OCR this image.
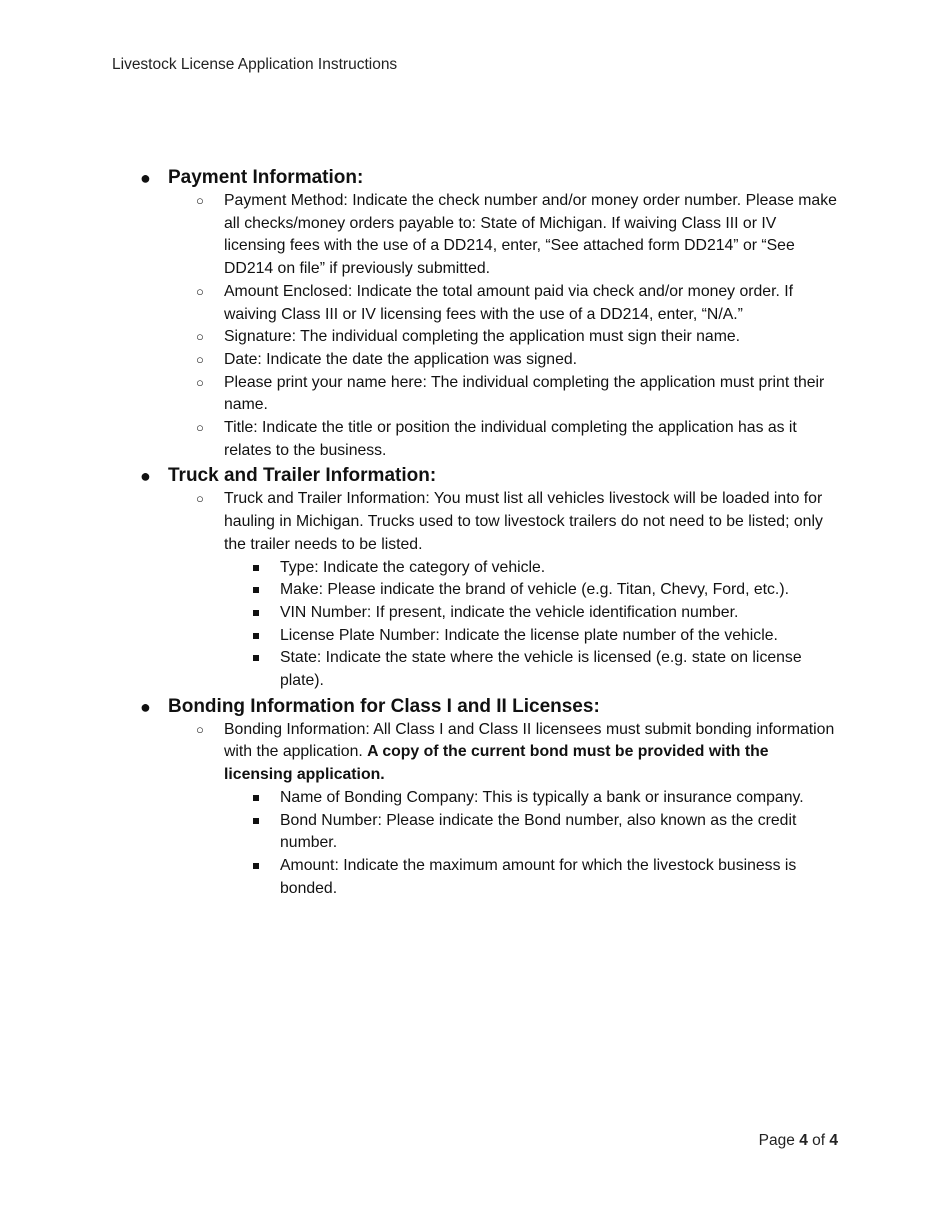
Livestock License Application Instructions
● Payment Information:
○ Payment Method: Indicate the check number and/or money order number. Please make all checks/money orders payable to: State of Michigan. If waiving Class III or IV licensing fees with the use of a DD214, enter, “See attached form DD214” or “See DD214 on file” if previously submitted.
○ Amount Enclosed: Indicate the total amount paid via check and/or money order. If waiving Class III or IV licensing fees with the use of a DD214, enter, “N/A.”
○ Signature: The individual completing the application must sign their name.
○ Date: Indicate the date the application was signed.
○ Please print your name here: The individual completing the application must print their name.
○ Title: Indicate the title or position the individual completing the application has as it relates to the business.
● Truck and Trailer Information:
○ Truck and Trailer Information: You must list all vehicles livestock will be loaded into for hauling in Michigan. Trucks used to tow livestock trailers do not need to be listed; only the trailer needs to be listed.
Type: Indicate the category of vehicle.
Make: Please indicate the brand of vehicle (e.g. Titan, Chevy, Ford, etc.).
VIN Number: If present, indicate the vehicle identification number.
License Plate Number: Indicate the license plate number of the vehicle.
State: Indicate the state where the vehicle is licensed (e.g. state on license plate).
● Bonding Information for Class I and II Licenses:
○ Bonding Information: All Class I and Class II licensees must submit bonding information with the application. A copy of the current bond must be provided with the licensing application.
Name of Bonding Company: This is typically a bank or insurance company.
Bond Number: Please indicate the Bond number, also known as the credit number.
Amount: Indicate the maximum amount for which the livestock business is bonded.
Page 4 of 4
